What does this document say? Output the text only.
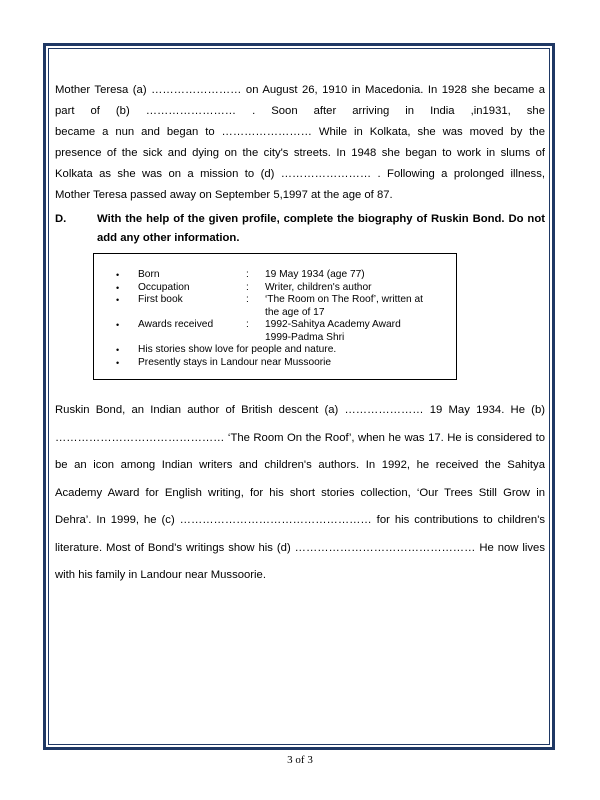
Mother Teresa (a) …………………… on August 26, 1910 in Macedonia. In 1928 she became a
part of (b) …………………… . Soon after arriving in India ,in1931, she
became a nun and began to …………………… While in Kolkata, she was moved by the
presence of the sick and dying on the city's streets. In 1948 she began to work in slums of
Kolkata as she was on a mission to (d) …………………… . Following a prolonged illness,
Mother Teresa passed away on September 5,1997 at the age of 87.
D.	With the help of the given profile, complete the biography of Ruskin Bond. Do not add any other information.
• Born	:	19 May 1934 (age 77)
• Occupation	:	Writer, children's author
• First book	:	‘The Room on The Roof’, written at
the age of 17
• Awards received	:	1992-Sahitya Academy Award
1999-Padma Shri
• His stories show love for people and nature.
• Presently stays in Landour near Mussoorie
Ruskin Bond, an Indian author of British descent (a) ………………… 19 May 1934. He (b)
……………………………………… ‘The Room On the Roof’, when he was 17. He is considered to
be an icon among Indian writers and children's authors. In 1992, he received the Sahitya
Academy Award for English writing, for his short stories collection, ‘Our Trees Still Grow in
Dehra’. In 1999, he (c) …………………………………………… for his contributions to children's
literature. Most of Bond's writings show his (d) ………………………………………… He now lives
with his family in Landour near Mussoorie.
3 of 3
